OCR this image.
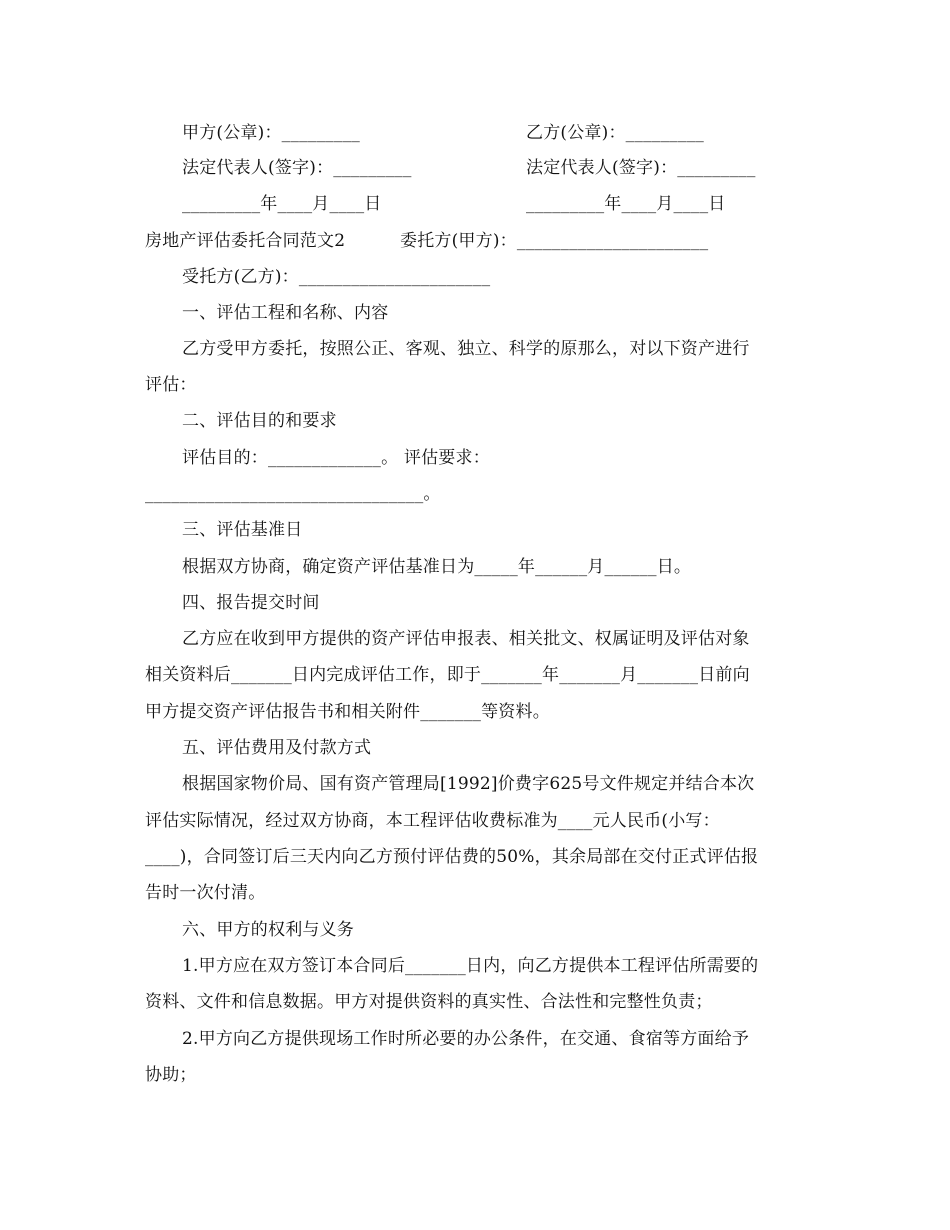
甲方(公章)：_________	乙方(公章)：_________
法定代表人(签字)：_________	法定代表人(签字)：_________
_________年____月____日	_________年____月____日
房地产评估委托合同范文2	委托方(甲方)：______________________
受托方(乙方)：______________________
一、评估工程和名称、内容
乙方受甲方委托，按照公正、客观、独立、科学的原那么，对以下资产进行
评估：
二、评估目的和要求
评估目的：_____________。 评估要求：
________________________________。
三、评估基准日
根据双方协商，确定资产评估基准日为_____年______月______日。
四、报告提交时间
乙方应在收到甲方提供的资产评估申报表、相关批文、权属证明及评估对象
相关资料后_______日内完成评估工作，即于_______年_______月_______日前向
甲方提交资产评估报告书和相关附件_______等资料。
五、评估费用及付款方式
根据国家物价局、国有资产管理局[1992]价费字625号文件规定并结合本次
评估实际情况，经过双方协商，本工程评估收费标准为____元人民币(小写：
____)，合同签订后三天内向乙方预付评估费的50%，其余局部在交付正式评估报
告时一次付清。
六、甲方的权利与义务
1.甲方应在双方签订本合同后_______日内，向乙方提供本工程评估所需要的
资料、文件和信息数据。甲方对提供资料的真实性、合法性和完整性负责；
2.甲方向乙方提供现场工作时所必要的办公条件，在交通、食宿等方面给予
协助；
